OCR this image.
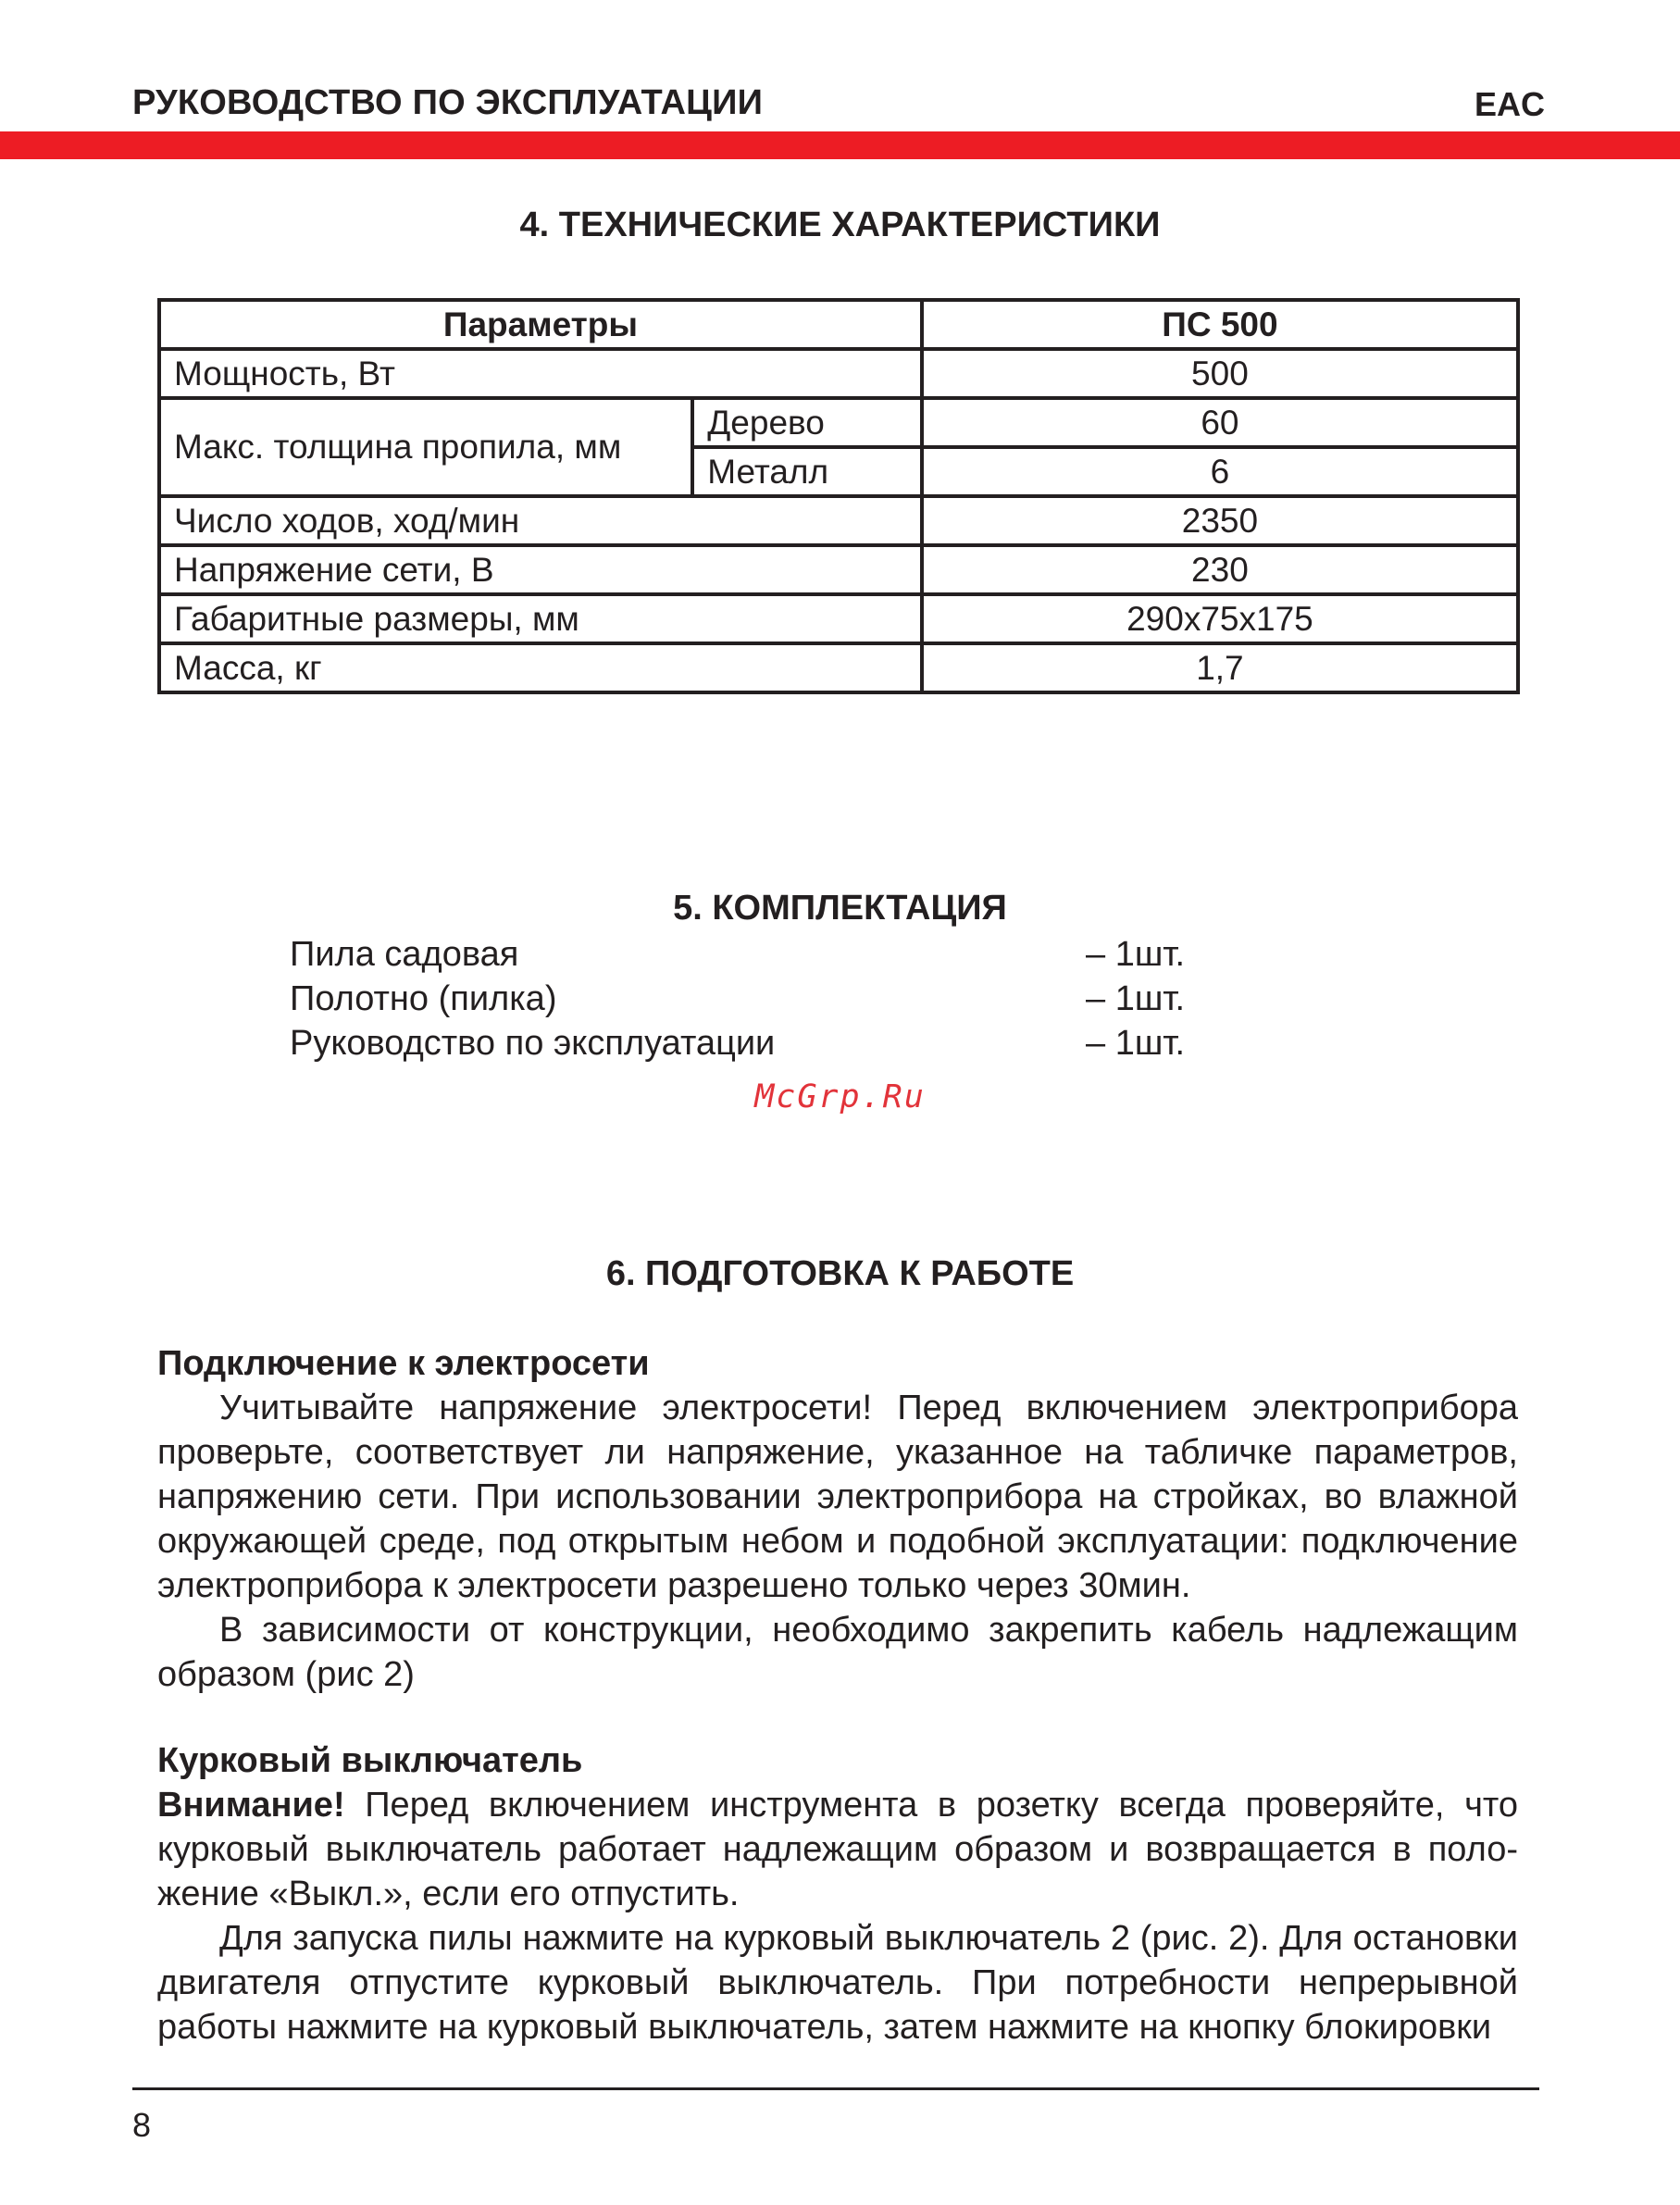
РУКОВОДСТВО ПО ЭКСПЛУАТАЦИИ	EAC
4. ТЕХНИЧЕСКИЕ ХАРАКТЕРИСТИКИ
Параметры		ПС 500
Мощность, Вт		500
Макс. толщина пропила, мм	Дерево	60
	Металл	6
Число ходов, ход/мин		2350
Напряжение сети, В		230
Габаритные размеры, мм		290x75x175
Масса, кг		1,7
5. КОМПЛЕКТАЦИЯ
Пила садовая	– 1шт.
Полотно (пилка)	– 1шт.
Руководство по эксплуатации	– 1шт.
McGrp.Ru
6. ПОДГОТОВКА К РАБОТЕ
Подключение к электросети
Учитывайте напряжение электросети! Перед включением электроприбора проверьте, соответствует ли напряжение, указанное на табличке параметров, напряжению сети. При использовании электроприбора на стройках, во влажной окружающей среде, под открытым небом и подобной эксплуатации: подключение электроприбора к электросети разрешено только через 30мин.
В зависимости от конструкции, необходимо закрепить кабель надлежащим образом (рис 2)
Курковый выключатель
Внимание! Перед включением инструмента в розетку всегда проверяйте, что курковый выключатель работает надлежащим образом и возвращается в положение «Выкл.», если его отпустить.
Для запуска пилы нажмите на курковый выключатель 2 (рис. 2). Для остановки двигателя отпустите курковый выключатель. При потребности непрерывной работы нажмите на курковый выключатель, затем нажмите на кнопку блокировки
8
